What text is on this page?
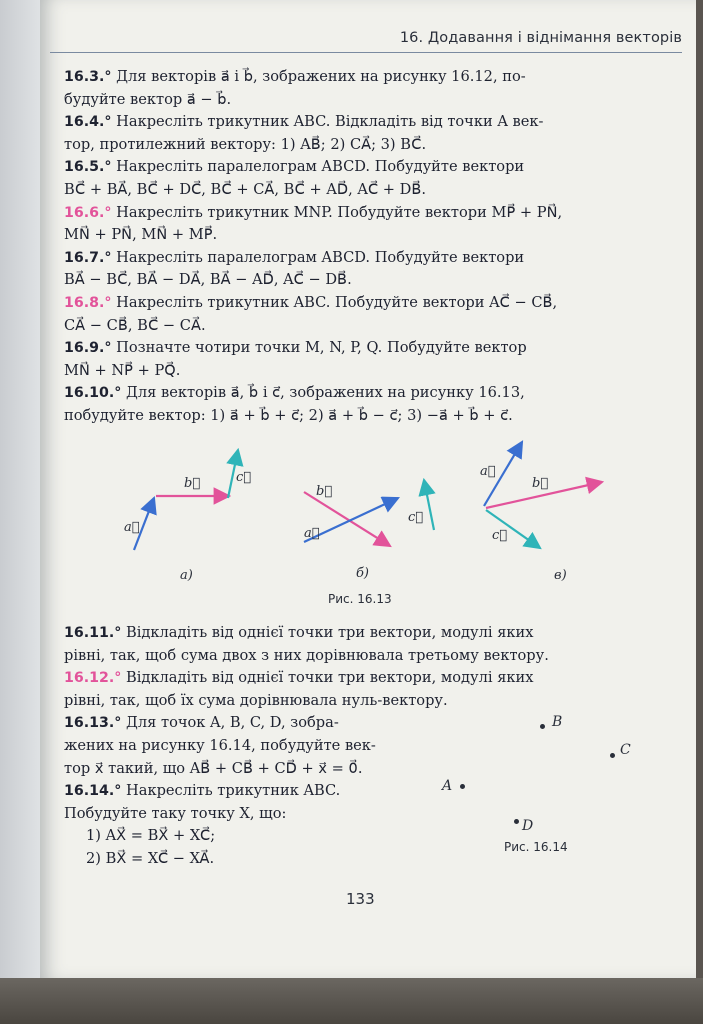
16. Додавання і віднімання векторів
16.3.° Для векторів a⃗ і b⃗, зображених на рисунку 16.12, по-
будуйте вектор a⃗ − b⃗.
16.4.° Накресліть трикутник ABC. Відкладіть від точки A век-
тор, протилежний вектору: 1) AB⃗; 2) CA⃗; 3) BC⃗.
16.5.° Накресліть паралелограм ABCD. Побудуйте вектори
BC⃗ + BA⃗, BC⃗ + DC⃗, BC⃗ + CA⃗, BC⃗ + AD⃗, AC⃗ + DB⃗.
16.6.° Накресліть трикутник MNP. Побудуйте вектори MP⃗ + PN⃗,
MN⃗ + PN⃗, MN⃗ + MP⃗.
16.7.° Накресліть паралелограм ABCD. Побудуйте вектори
BA⃗ − BC⃗, BA⃗ − DA⃗, BA⃗ − AD⃗, AC⃗ − DB⃗.
16.8.° Накресліть трикутник ABC. Побудуйте вектори AC⃗ − CB⃗,
CA⃗ − CB⃗, BC⃗ − CA⃗.
16.9.° Позначте чотири точки M, N, P, Q. Побудуйте вектор
MN⃗ + NP⃗ + PQ⃗.
16.10.° Для векторів a⃗, b⃗ і c⃗, зображених на рисунку 16.13,
побудуйте вектор: 1) a⃗ + b⃗ + c⃗; 2) a⃗ + b⃗ − c⃗; 3) −a⃗ + b⃗ + c⃗.
a⃗
b⃗	c⃗
a⃗
b⃗
c⃗
a⃗
b⃗
c⃗
а)	б)	в)
Рис. 16.13
16.11.° Відкладіть від однієї точки три вектори, модулі яких
рівні, так, щоб сума двох з них дорівнювала третьому вектору.
16.12.° Відкладіть від однієї точки три вектори, модулі яких
рівні, так, щоб їх сума дорівнювала нуль-вектору.
16.13.° Для точок A, B, C, D, зобра-
жених на рисунку 16.14, побудуйте век-
тор x⃗ такий, що AB⃗ + CB⃗ + CD⃗ + x⃗ = 0⃗.
16.14.° Накресліть трикутник ABC.
Побудуйте таку точку X, що:
1) AX⃗ = BX⃗ + XC⃗;
2) BX⃗ = XC⃗ − XA⃗.
B
C
A
D
Рис. 16.14
133
